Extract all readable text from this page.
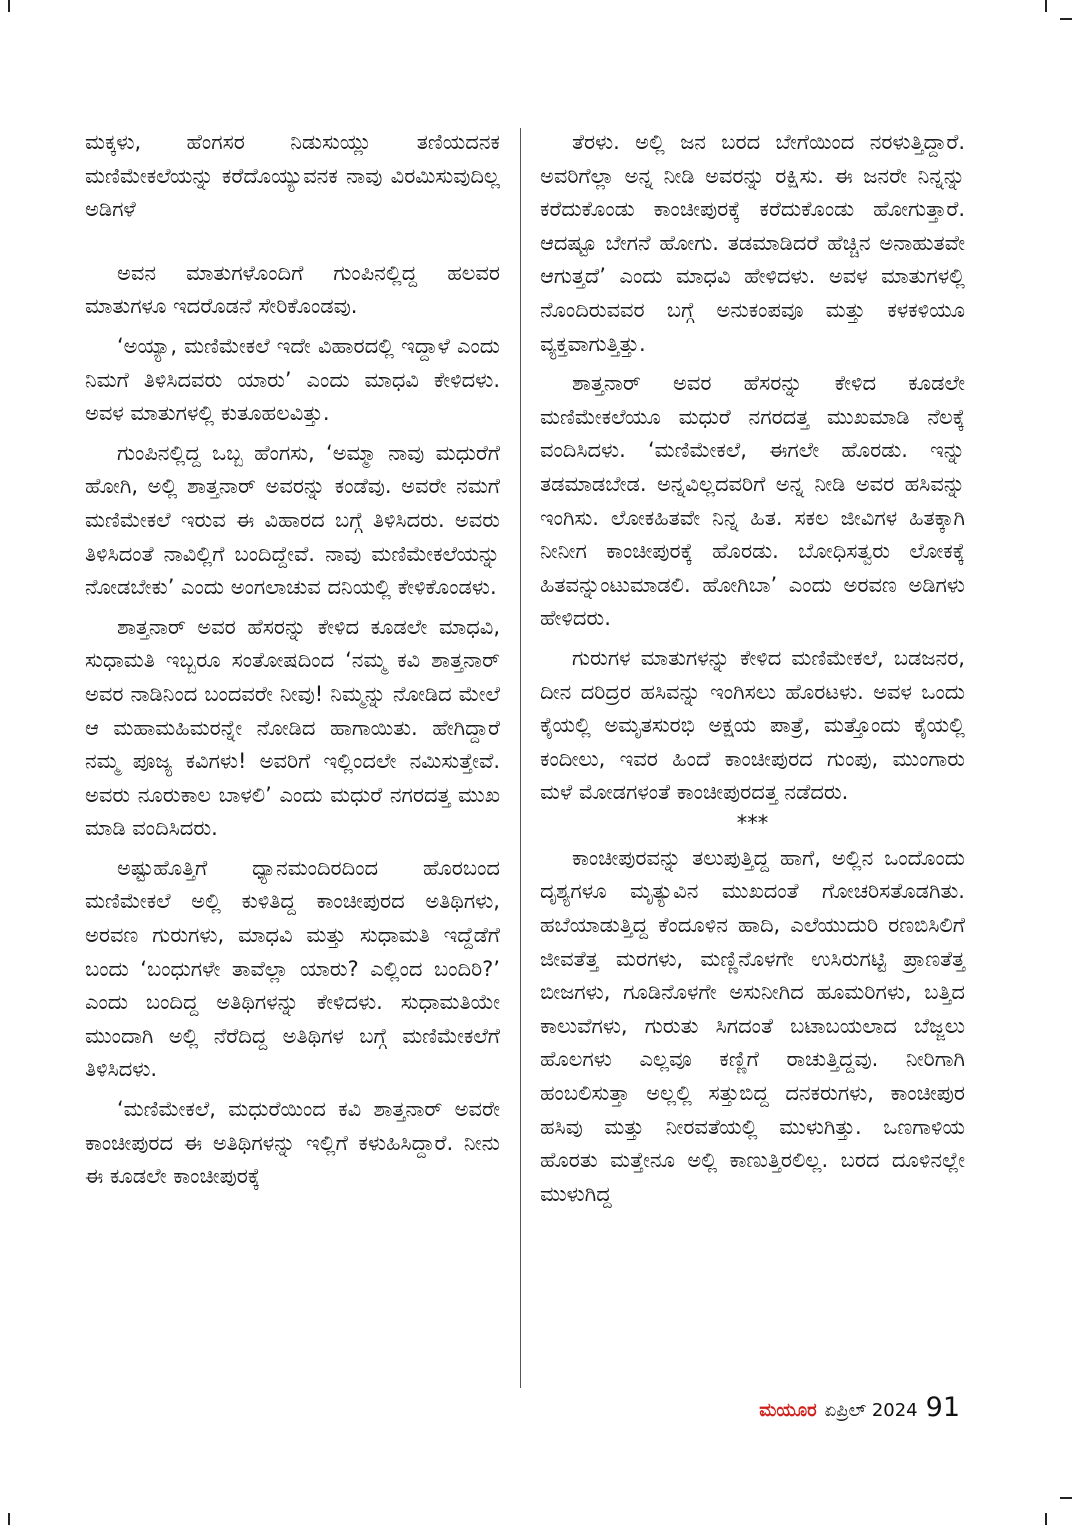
ಮಕ್ಕಳು, ಹೆಂಗಸರ ನಿಡುಸುಯ್ಲು ತಣಿಯದನಕ ಮಣಿಮೇಕಲೆಯನ್ನು ಕರೆದೊಯ್ಯುವನಕ ನಾವು ವಿರಮಿಸುವುದಿಲ್ಲ ಅಡಿಗಳೆ

ಅವನ ಮಾತುಗಳೊಂದಿಗೆ ಗುಂಪಿನಲ್ಲಿದ್ದ ಹಲವರ ಮಾತುಗಳೂ ಇದರೊಡನೆ ಸೇರಿಕೊಂಡವು.

‘ಅಯ್ಯಾ, ಮಣಿಮೇಕಲೆ ಇದೇ ವಿಹಾರದಲ್ಲಿ ಇದ್ದಾಳೆ ಎಂದು ನಿಮಗೆ ತಿಳಿಸಿದವರು ಯಾರು’ ಎಂದು ಮಾಧವಿ ಕೇಳಿದಳು. ಅವಳ ಮಾತುಗಳಲ್ಲಿ ಕುತೂಹಲವಿತ್ತು.

ಗುಂಪಿನಲ್ಲಿದ್ದ ಒಬ್ಬ ಹೆಂಗಸು, ‘ಅಮ್ಮಾ ನಾವು ಮಧುರೆಗೆ ಹೋಗಿ, ಅಲ್ಲಿ ಶಾತ್ತನಾರ್ ಅವರನ್ನು ಕಂಡೆವು. ಅವರೇ ನಮಗೆ ಮಣಿಮೇಕಲೆ ಇರುವ ಈ ವಿಹಾರದ ಬಗ್ಗೆ ತಿಳಿಸಿದರು. ಅವರು ತಿಳಿಸಿದಂತೆ ನಾವಿಲ್ಲಿಗೆ ಬಂದಿದ್ದೇವೆ. ನಾವು ಮಣಿಮೇಕಲೆಯನ್ನು ನೋಡಬೇಕು’ ಎಂದು ಅಂಗಲಾಚುವ ದನಿಯಲ್ಲಿ ಕೇಳಿಕೊಂಡಳು.

ಶಾತ್ತನಾರ್ ಅವರ ಹೆಸರನ್ನು ಕೇಳಿದ ಕೂಡಲೇ ಮಾಧವಿ, ಸುಧಾಮತಿ ಇಬ್ಬರೂ ಸಂತೋಷದಿಂದ ‘ನಮ್ಮ ಕವಿ ಶಾತ್ತನಾರ್ ಅವರ ನಾಡಿನಿಂದ ಬಂದವರೇ ನೀವು! ನಿಮ್ಮನ್ನು ನೋಡಿದ ಮೇಲೆ ಆ ಮಹಾಮಹಿಮರನ್ನೇ ನೋಡಿದ ಹಾಗಾಯಿತು. ಹೇಗಿದ್ದಾರೆ ನಮ್ಮ ಪೂಜ್ಯ ಕವಿಗಳು! ಅವರಿಗೆ ಇಲ್ಲಿಂದಲೇ ನಮಿಸುತ್ತೇವೆ. ಅವರು ನೂರುಕಾಲ ಬಾಳಲಿ’ ಎಂದು ಮಧುರೆ ನಗರದತ್ತ ಮುಖ ಮಾಡಿ ವಂದಿಸಿದರು.

ಅಷ್ಟುಹೊತ್ತಿಗೆ ಧ್ಯಾನಮಂದಿರದಿಂದ ಹೊರಬಂದ ಮಣಿಮೇಕಲೆ ಅಲ್ಲಿ ಕುಳಿತಿದ್ದ ಕಾಂಚೀಪುರದ ಅತಿಥಿಗಳು, ಅರವಣ ಗುರುಗಳು, ಮಾಧವಿ ಮತ್ತು ಸುಧಾಮತಿ ಇದ್ದೆಡೆಗೆ ಬಂದು ‘ಬಂಧುಗಳೇ ತಾವೆಲ್ಲಾ ಯಾರು? ಎಲ್ಲಿಂದ ಬಂದಿರಿ?’ ಎಂದು ಬಂದಿದ್ದ ಅತಿಥಿಗಳನ್ನು ಕೇಳಿದಳು. ಸುಧಾಮತಿಯೇ ಮುಂದಾಗಿ ಅಲ್ಲಿ ನೆರೆದಿದ್ದ ಅತಿಥಿಗಳ ಬಗ್ಗೆ ಮಣಿಮೇಕಲೆಗೆ ತಿಳಿಸಿದಳು.

‘ಮಣಿಮೇಕಲೆ, ಮಧುರೆಯಿಂದ ಕವಿ ಶಾತ್ತನಾರ್ ಅವರೇ ಕಾಂಚೀಪುರದ ಈ ಅತಿಥಿಗಳನ್ನು ಇಲ್ಲಿಗೆ ಕಳುಹಿಸಿದ್ದಾರೆ. ನೀನು ಈ ಕೂಡಲೇ ಕಾಂಚೀಪುರಕ್ಕೆ

ತೆರಳು. ಅಲ್ಲಿ ಜನ ಬರದ ಬೇಗೆಯಿಂದ ನರಳುತ್ತಿದ್ದಾರೆ. ಅವರಿಗೆಲ್ಲಾ ಅನ್ನ ನೀಡಿ ಅವರನ್ನು ರಕ್ಷಿಸು. ಈ ಜನರೇ ನಿನ್ನನ್ನು ಕರೆದುಕೊಂಡು ಕಾಂಚೀಪುರಕ್ಕೆ ಕರೆದುಕೊಂಡು ಹೋಗುತ್ತಾರೆ. ಆದಷ್ಟೂ ಬೇಗನೆ ಹೋಗು. ತಡಮಾಡಿದರೆ ಹೆಚ್ಚಿನ ಅನಾಹುತವೇ ಆಗುತ್ತದೆ’ ಎಂದು ಮಾಧವಿ ಹೇಳಿದಳು. ಅವಳ ಮಾತುಗಳಲ್ಲಿ ನೊಂದಿರುವವರ ಬಗ್ಗೆ ಅನುಕಂಪವೂ ಮತ್ತು ಕಳಕಳಿಯೂ ವ್ಯಕ್ತವಾಗುತ್ತಿತ್ತು.

ಶಾತ್ತನಾರ್ ಅವರ ಹೆಸರನ್ನು ಕೇಳಿದ ಕೂಡಲೇ ಮಣಿಮೇಕಲೆಯೂ ಮಧುರೆ ನಗರದತ್ತ ಮುಖಮಾಡಿ ನೆಲಕ್ಕೆ ವಂದಿಸಿದಳು. ‘ಮಣಿಮೇಕಲೆ, ಈಗಲೇ ಹೊರಡು. ಇನ್ನು ತಡಮಾಡಬೇಡ. ಅನ್ನವಿಲ್ಲದವರಿಗೆ ಅನ್ನ ನೀಡಿ ಅವರ ಹಸಿವನ್ನು ಇಂಗಿಸು. ಲೋಕಹಿತವೇ ನಿನ್ನ ಹಿತ. ಸಕಲ ಜೀವಿಗಳ ಹಿತಕ್ಕಾಗಿ ನೀನೀಗ ಕಾಂಚೀಪುರಕ್ಕೆ ಹೊರಡು. ಬೋಧಿಸತ್ವರು ಲೋಕಕ್ಕೆ ಹಿತವನ್ನುಂಟುಮಾಡಲಿ. ಹೋಗಿಬಾ’ ಎಂದು ಅರವಣ ಅಡಿಗಳು ಹೇಳಿದರು.

ಗುರುಗಳ ಮಾತುಗಳನ್ನು ಕೇಳಿದ ಮಣಿಮೇಕಲೆ, ಬಡಜನರ, ದೀನ ದರಿದ್ರರ ಹಸಿವನ್ನು ಇಂಗಿಸಲು ಹೊರಟಳು. ಅವಳ ಒಂದು ಕೈಯಲ್ಲಿ ಅಮೃತಸುರಭಿ ಅಕ್ಷಯ ಪಾತ್ರೆ, ಮತ್ತೊಂದು ಕೈಯಲ್ಲಿ ಕಂದೀಲು, ಇವರ ಹಿಂದೆ ಕಾಂಚೀಪುರದ ಗುಂಪು, ಮುಂಗಾರು ಮಳೆ ಮೋಡಗಳಂತೆ ಕಾಂಚೀಪುರದತ್ತ ನಡೆದರು.

***

ಕಾಂಚೀಪುರವನ್ನು ತಲುಪುತ್ತಿದ್ದ ಹಾಗೆ, ಅಲ್ಲಿನ ಒಂದೊಂದು ದೃಶ್ಯಗಳೂ ಮೃತ್ಯುವಿನ ಮುಖದಂತೆ ಗೋಚರಿಸತೊಡಗಿತು. ಹಬೆಯಾಡುತ್ತಿದ್ದ ಕೆಂದೂಳಿನ ಹಾದಿ, ಎಲೆಯುದುರಿ ರಣಬಿಸಿಲಿಗೆ ಜೀವತೆತ್ತ ಮರಗಳು, ಮಣ್ಣಿನೊಳಗೇ ಉಸಿರುಗಟ್ಟಿ ಪ್ರಾಣತೆತ್ತ ಬೀಜಗಳು, ಗೂಡಿನೊಳಗೇ ಅಸುನೀಗಿದ ಹೂಮರಿಗಳು, ಬತ್ತಿದ ಕಾಲುವೆಗಳು, ಗುರುತು ಸಿಗದಂತೆ ಬಟಾಬಯಲಾದ ಬೆಜ್ಜಲು ಹೊಲಗಳು ಎಲ್ಲವೂ ಕಣ್ಣಿಗೆ ರಾಚುತ್ತಿದ್ದವು. ನೀರಿಗಾಗಿ ಹಂಬಲಿಸುತ್ತಾ ಅಲ್ಲಲ್ಲಿ ಸತ್ತುಬಿದ್ದ ದನಕರುಗಳು, ಕಾಂಚೀಪುರ ಹಸಿವು ಮತ್ತು ನೀರವತೆಯಲ್ಲಿ ಮುಳುಗಿತ್ತು. ಒಣಗಾಳಿಯ ಹೊರತು ಮತ್ತೇನೂ ಅಲ್ಲಿ ಕಾಣುತ್ತಿರಲಿಲ್ಲ. ಬರದ ದೂಳಿನಲ್ಲೇ ಮುಳುಗಿದ್ದ

ಮಯೂರ ಏಪ್ರಿಲ್ 2024 91
